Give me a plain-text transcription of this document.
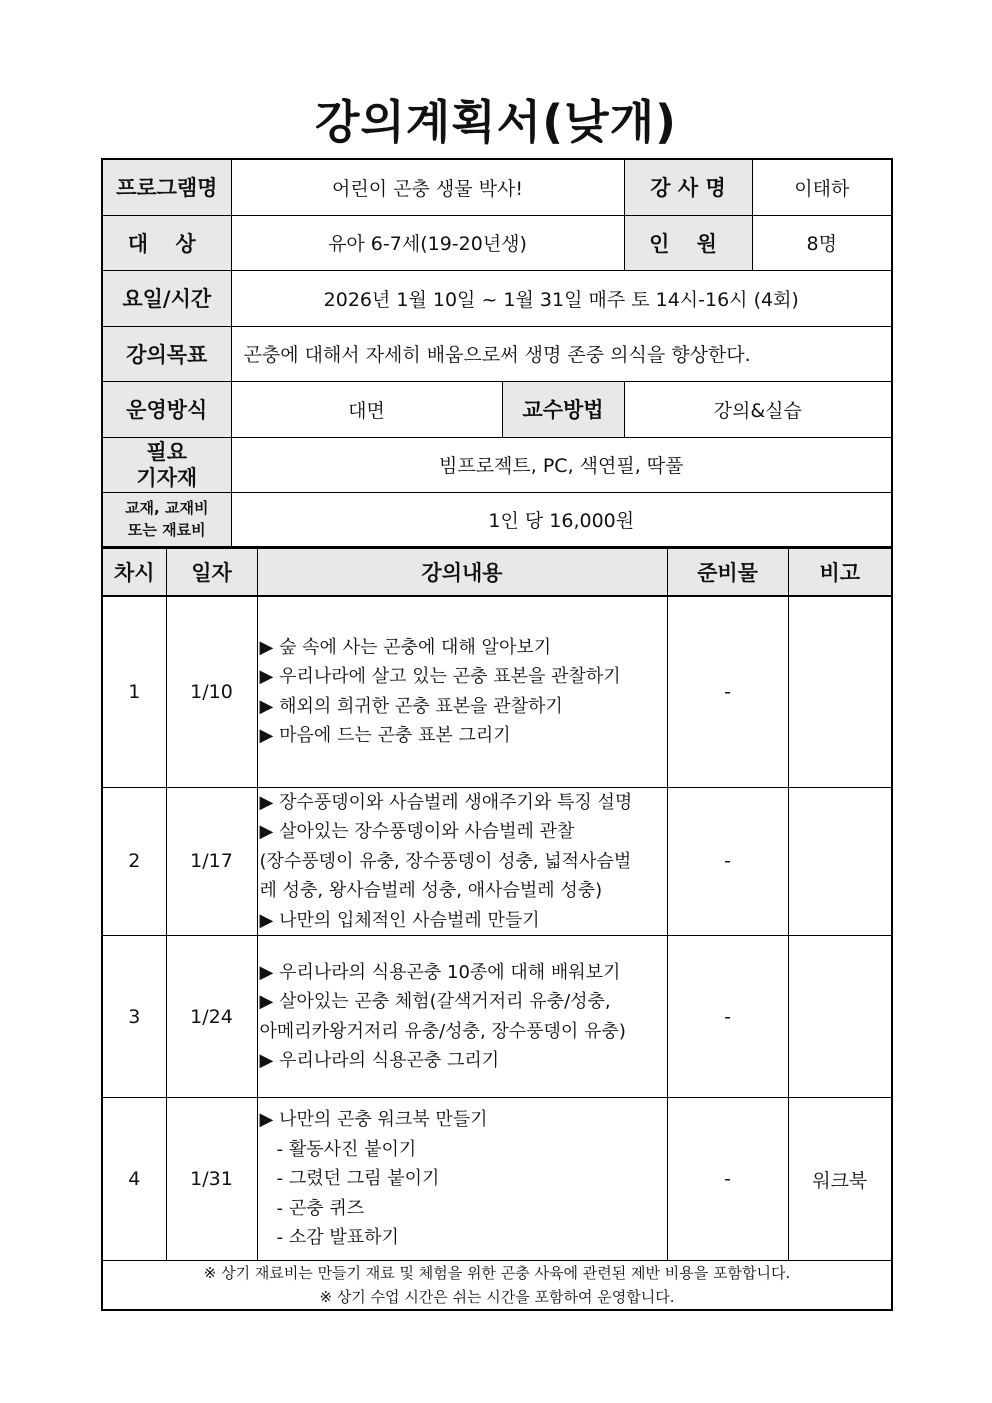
강의계획서(낮개)
프로그램명	어린이 곤충 생물 박사!		강 사 명	이태하
대 상	유아 6-7세(19-20년생)		인 원	8명
요일/시간	2026년 1월 10일 ~ 1월 31일 매주 토 14시-16시 (4회)			
강의목표	곤충에 대해서 자세히 배움으로써 생명 존중 의식을 향상한다.			
운영방식	대면	교수방법	강의&실습	

필요
기자재	빔프로젝트, PC, 색연필, 딱풀			

교재, 교재비
또는 재료비	1인 당 16,000원			
차시	일자	강의내용	준비물	비고
1	1/10	▶ 숲 속에 사는 곤충에 대해 알아보기
▶ 우리나라에 살고 있는 곤충 표본을 관찰하기
▶ 해외의 희귀한 곤충 표본을 관찰하기
▶ 마음에 드는 곤충 표본 그리기	-	
2	1/17	▶ 장수풍뎅이와 사슴벌레 생애주기와 특징 설명
▶ 살아있는 장수풍뎅이와 사슴벌레 관찰
(장수풍뎅이 유충, 장수풍뎅이 성충, 넓적사슴벌
레 성충, 왕사슴벌레 성충, 애사슴벌레 성충)
▶ 나만의 입체적인 사슴벌레 만들기	-	
3	1/24	▶ 우리나라의 식용곤충 10종에 대해 배워보기
▶ 살아있는 곤충 체험(갈색거저리 유충/성충,
아메리카왕거저리 유충/성충, 장수풍뎅이 유충)
▶ 우리나라의 식용곤충 그리기	-	
4	1/31	▶ 나만의 곤충 워크북 만들기
- 활동사진 붙이기
- 그렸던 그림 붙이기
- 곤충 퀴즈
- 소감 발표하기	-	워크북

※ 상기 재료비는 만들기 재료 및 체험을 위한 곤충 사육에 관련된 제반 비용을 포함합니다.
※ 상기 수업 시간은 쉬는 시간을 포함하여 운영합니다.				
